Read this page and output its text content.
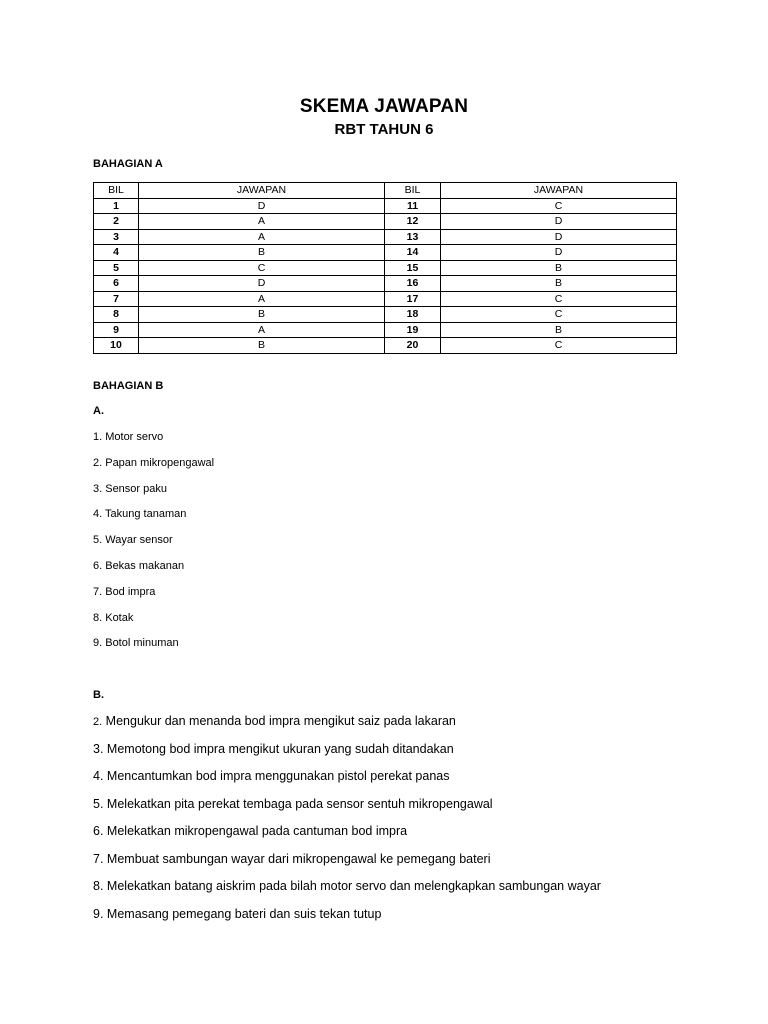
SKEMA JAWAPAN
RBT TAHUN 6
BAHAGIAN A
BIL	JAWAPAN	BIL	JAWAPAN
1	D	11	C
2	A	12	D
3	A	13	D
4	B	14	D
5	C	15	B
6	D	16	B
7	A	17	C
8	B	18	C
9	A	19	B
10	B	20	C
BAHAGIAN B
A.
1. Motor servo
2. Papan mikropengawal
3. Sensor paku
4. Takung tanaman
5. Wayar sensor
6. Bekas makanan
7. Bod impra
8. Kotak
9. Botol minuman
B.
2. Mengukur dan menanda bod impra mengikut saiz pada lakaran
3. Memotong bod impra mengikut ukuran yang sudah ditandakan
4. Mencantumkan bod impra menggunakan pistol perekat panas
5. Melekatkan pita perekat tembaga pada sensor sentuh mikropengawal
6. Melekatkan mikropengawal pada cantuman bod impra
7. Membuat sambungan wayar dari mikropengawal ke pemegang bateri
8. Melekatkan batang aiskrim pada bilah motor servo dan melengkapkan sambungan wayar
9. Memasang pemegang bateri dan suis tekan tutup
